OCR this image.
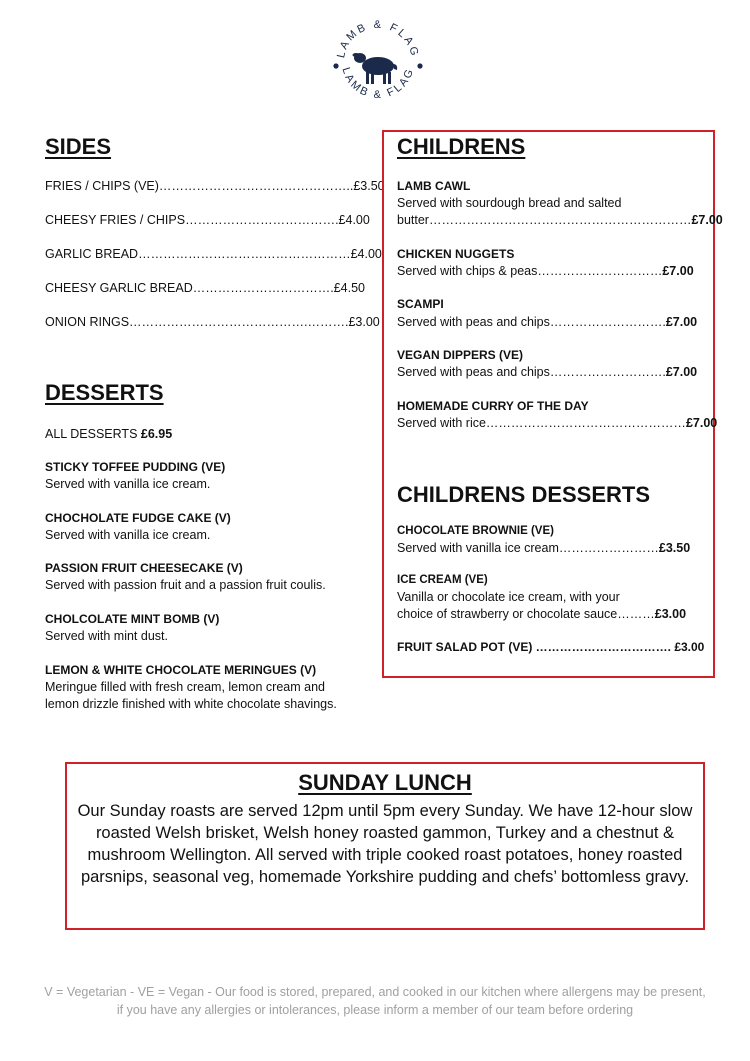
LAMB & FLAG
LAMB & FLAG
SIDES
FRIES / CHIPS (VE)………………………………………..£3.50
CHEESY FRIES / CHIPS……………………………….£4.00
GARLIC BREAD……………………………………………£4.00
CHEESY GARLIC BREAD…………………………….£4.50
ONION RINGS…………………………………….……….£3.00
DESSERTS
ALL DESSERTS £6.95
STICKY TOFFEE PUDDING (VE)
Served with vanilla ice cream.
CHOCHOLATE FUDGE CAKE (V)
Served with vanilla ice cream.
PASSION FRUIT CHEESECAKE (V)
Served with passion fruit and a passion fruit coulis.
CHOLCOLATE MINT BOMB (V)
Served with mint dust.
LEMON & WHITE CHOCOLATE MERINGUES (V)
Meringue filled with fresh cream, lemon cream and lemon drizzle finished with white chocolate shavings.
CHILDRENS
LAMB CAWL
Served with sourdough bread and salted
butter………………………………………………………£7.00
CHICKEN NUGGETS
Served with chips & peas…………………………£7.00
SCAMPI
Served with peas and chips……………………….£7.00
VEGAN DIPPERS (VE)
Served with peas and chips……………………….£7.00
HOMEMADE CURRY OF THE DAY
Served with rice…………………………………………£7.00
CHILDRENS DESSERTS
CHOCOLATE BROWNIE (VE)
Served with vanilla ice cream……………………£3.50
ICE CREAM (VE)
Vanilla or chocolate ice cream, with your
choice of strawberry or chocolate sauce………£3.00
FRUIT SALAD POT (VE) ……………………………. £3.00
SUNDAY LUNCH
Our Sunday roasts are served 12pm until 5pm every Sunday. We have 12-hour slow roasted Welsh brisket, Welsh honey roasted gammon, Turkey and a chestnut & mushroom Wellington. All served with triple cooked roast potatoes, honey roasted parsnips, seasonal veg, homemade Yorkshire pudding and chefs’ bottomless gravy.
V = Vegetarian - VE = Vegan - Our food is stored, prepared, and cooked in our kitchen where allergens may be present, if you have any allergies or intolerances, please inform a member of our team before ordering
